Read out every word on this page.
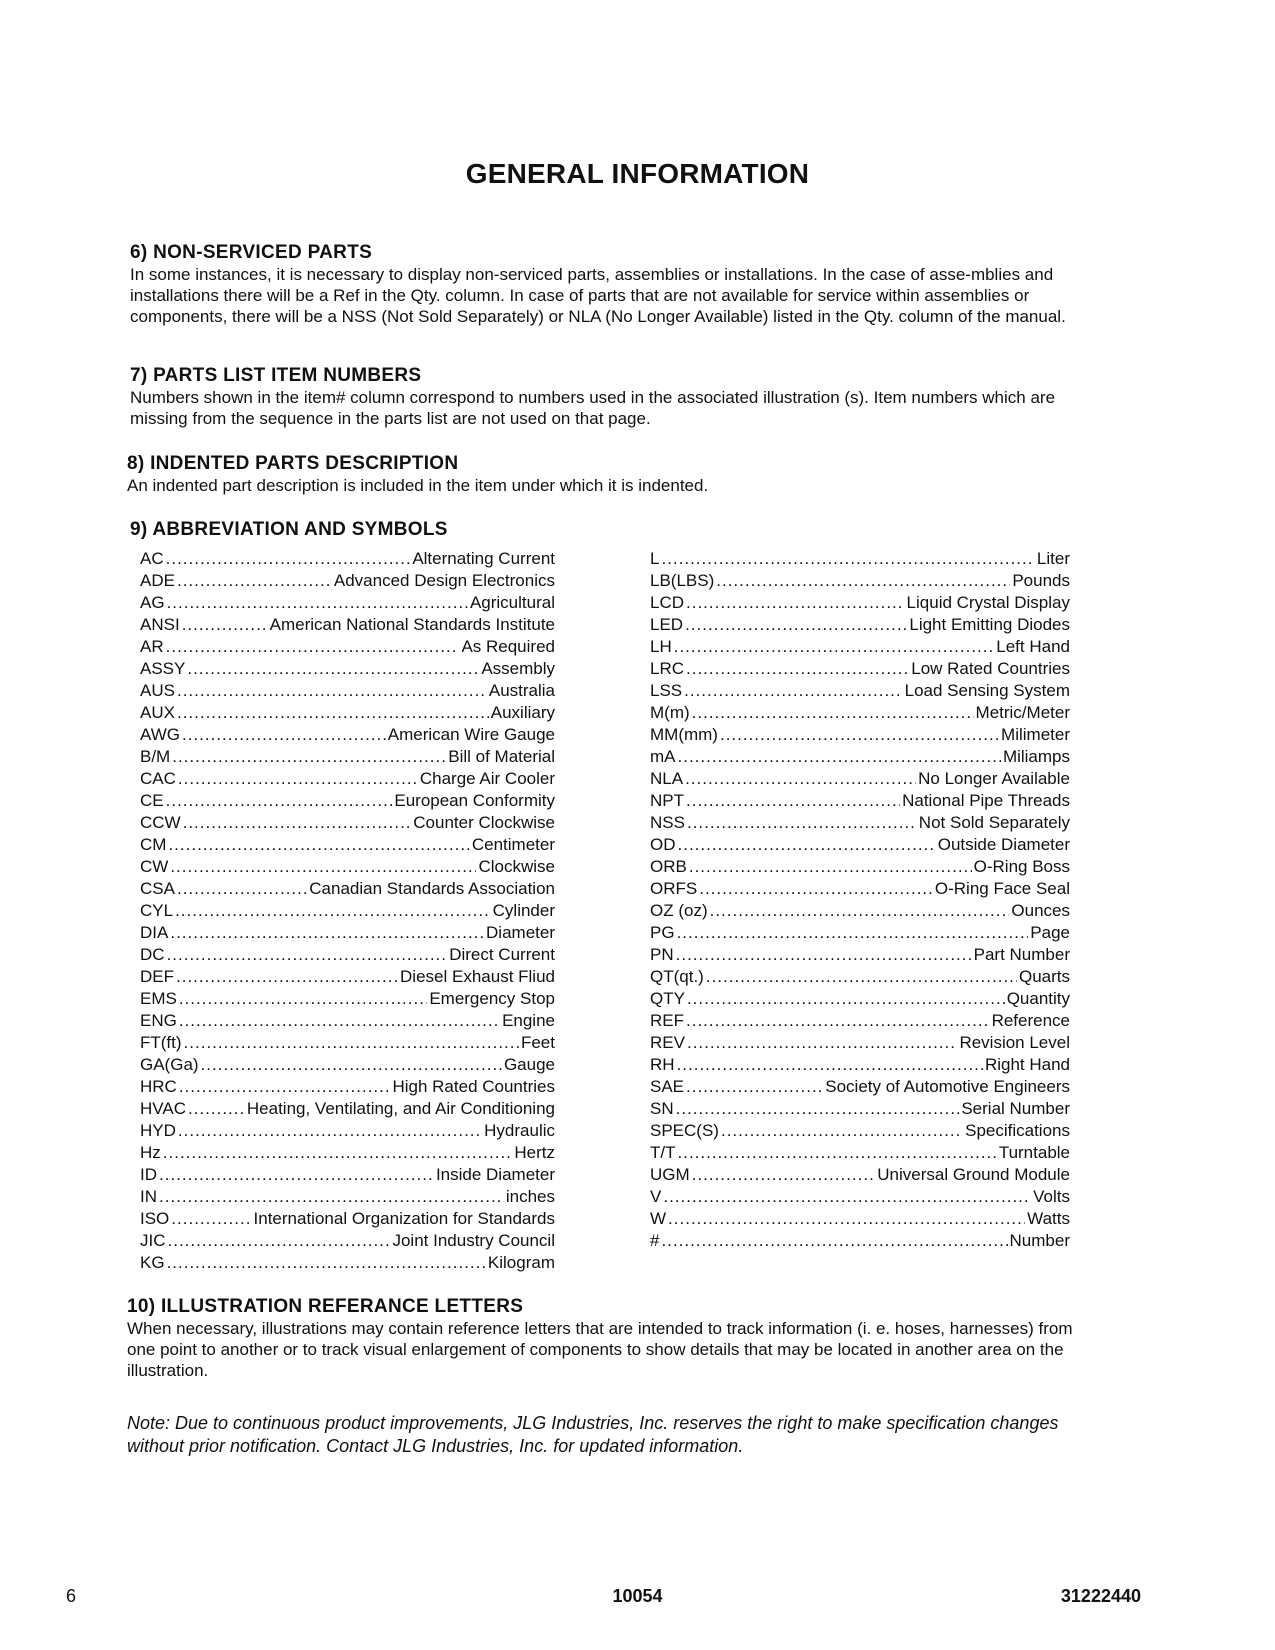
GENERAL INFORMATION
6) NON-SERVICED PARTS

In some instances, it is necessary to display non-serviced parts, assemblies or installations. In the case of asse-mblies and installations there will be a Ref in the Qty. column. In case of parts that are not available for service within assemblies or components, there will be a NSS (Not Sold Separately) or NLA (No Longer Available) listed in the Qty. column of the manual.

7) PARTS LIST ITEM NUMBERS

Numbers shown in the item# column correspond to numbers used in the associated illustration (s). Item numbers which are missing from the sequence in the parts list are not used on that page.

8) INDENTED PARTS DESCRIPTION

An indented part description is included in the item under which it is indented.

9) ABBREVIATION AND SYMBOLS
AC .....	Alternating Current
ADE .....	Advanced Design Electronics
AG .....	Agricultural
ANSI .....	American National Standards Institute
AR .....	As Required
ASSY .....	Assembly
AUS .....	Australia
AUX .....	Auxiliary
AWG .....	American Wire Gauge
B/M .....	Bill of Material
CAC .....	Charge Air Cooler
CE .....	European Conformity
CCW .....	Counter Clockwise
CM .....	Centimeter
CW .....	Clockwise
CSA .....	Canadian Standards Association
CYL .....	Cylinder
DIA .....	Diameter
DC .....	Direct Current
DEF .....	Diesel Exhaust Fliud
EMS .....	Emergency Stop
ENG .....	Engine
FT(ft) .....	Feet
GA(Ga) .....	Gauge
HRC .....	High Rated Countries
HVAC .....	Heating, Ventilating, and Air Conditioning
HYD .....	Hydraulic
Hz .....	Hertz
ID .....	Inside Diameter
IN .....	inches
ISO .....	International Organization for Standards
JIC .....	Joint Industry Council
KG .....	Kilogram
L .....	Liter
LB(LBS) .....	Pounds
LCD .....	Liquid Crystal Display
LED .....	Light Emitting Diodes
LH .....	Left Hand
LRC .....	Low Rated Countries
LSS .....	Load Sensing System
M(m) .....	Metric/Meter
MM(mm) .....	Milimeter
mA .....	Miliamps
NLA .....	No Longer Available
NPT .....	National Pipe Threads
NSS .....	Not Sold Separately
OD .....	Outside Diameter
ORB .....	O-Ring Boss
ORFS .....	O-Ring Face Seal
OZ (oz) .....	Ounces
PG .....	Page
PN .....	Part Number
QT(qt.) .....	Quarts
QTY .....	Quantity
REF .....	Reference
REV .....	Revision Level
RH .....	Right Hand
SAE .....	Society of Automotive Engineers
SN .....	Serial Number
SPEC(S) .....	Specifications
T/T .....	Turntable
UGM .....	Universal Ground Module
V .....	Volts
W .....	Watts
# .....	Number
10) ILLUSTRATION REFERANCE LETTERS

When necessary, illustrations may contain reference letters that are intended to track information (i. e. hoses, harnesses) from one point to another or to track visual enlargement of components to show details that may be located in another area on the illustration.

Note: Due to continuous product improvements, JLG Industries, Inc. reserves the right to make specification changes without prior notification. Contact JLG Industries, Inc. for updated information.
6	10054	31222440
